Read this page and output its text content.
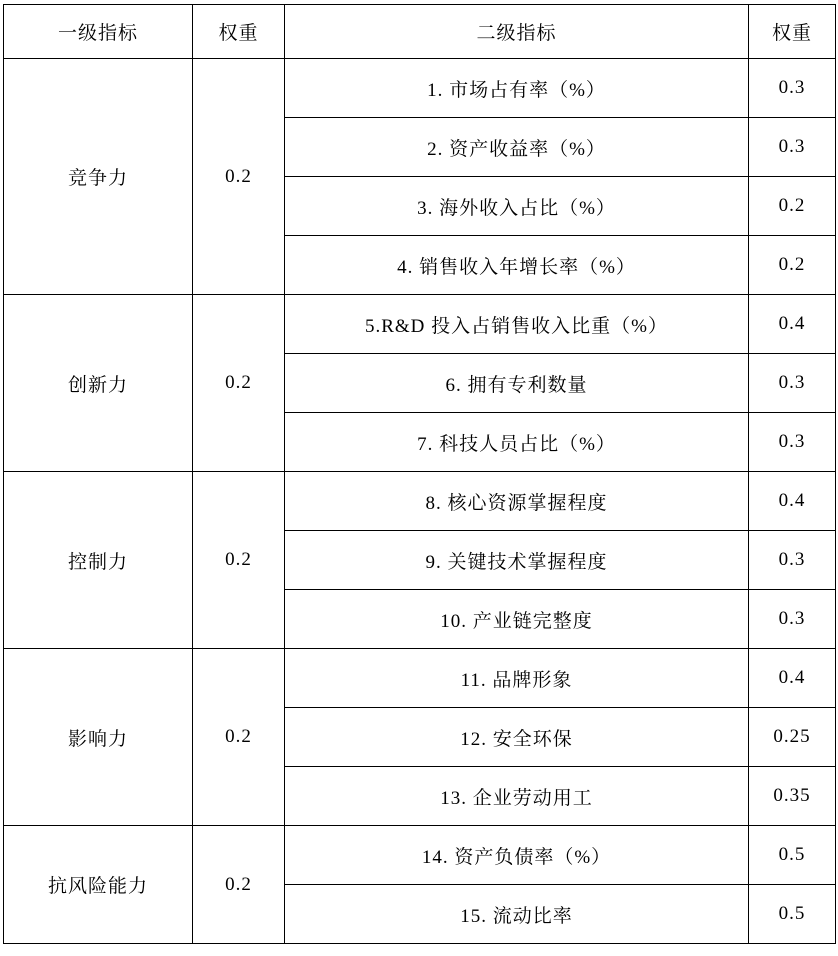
一级指标	权重	二级指标	权重
竞争力	0.2	1. 市场占有率（%）	0.3
		2. 资产收益率（%）	0.3
		3. 海外收入占比（%）	0.2
		4. 销售收入年增长率（%）	0.2
创新力	0.2	5.R&D 投入占销售收入比重（%）	0.4
		6. 拥有专利数量	0.3
		7. 科技人员占比（%）	0.3
控制力	0.2	8. 核心资源掌握程度	0.4
		9. 关键技术掌握程度	0.3
		10. 产业链完整度	0.3
影响力	0.2	11. 品牌形象	0.4
		12. 安全环保	0.25
		13. 企业劳动用工	0.35
抗风险能力	0.2	14. 资产负债率（%）	0.5
		15. 流动比率	0.5
